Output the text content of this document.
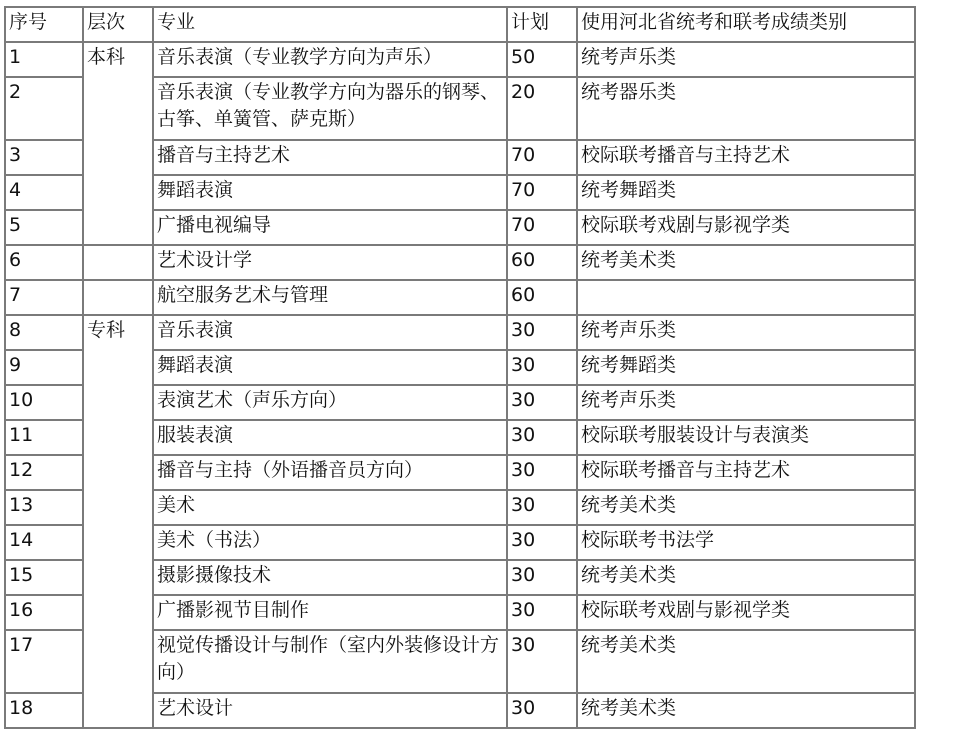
序号	层次	专业	计划	使用河北省统考和联考成绩类别
1	本科	音乐表演（专业教学方向为声乐）	50	统考声乐类
2		音乐表演（专业教学方向为器乐的钢琴、古筝、单簧管、萨克斯）	20	统考器乐类
3		播音与主持艺术	70	校际联考播音与主持艺术
4		舞蹈表演	70	统考舞蹈类
5		广播电视编导	70	校际联考戏剧与影视学类
6		艺术设计学	60	统考美术类
7		航空服务艺术与管理	60	
8	专科	音乐表演	30	统考声乐类
9		舞蹈表演	30	统考舞蹈类
10		表演艺术（声乐方向）	30	统考声乐类
11		服装表演	30	校际联考服装设计与表演类
12		播音与主持（外语播音员方向）	30	校际联考播音与主持艺术
13		美术	30	统考美术类
14		美术（书法）	30	校际联考书法学
15		摄影摄像技术	30	统考美术类
16		广播影视节目制作	30	校际联考戏剧与影视学类
17		视觉传播设计与制作（室内外装修设计方向）	30	统考美术类
18		艺术设计	30	统考美术类
